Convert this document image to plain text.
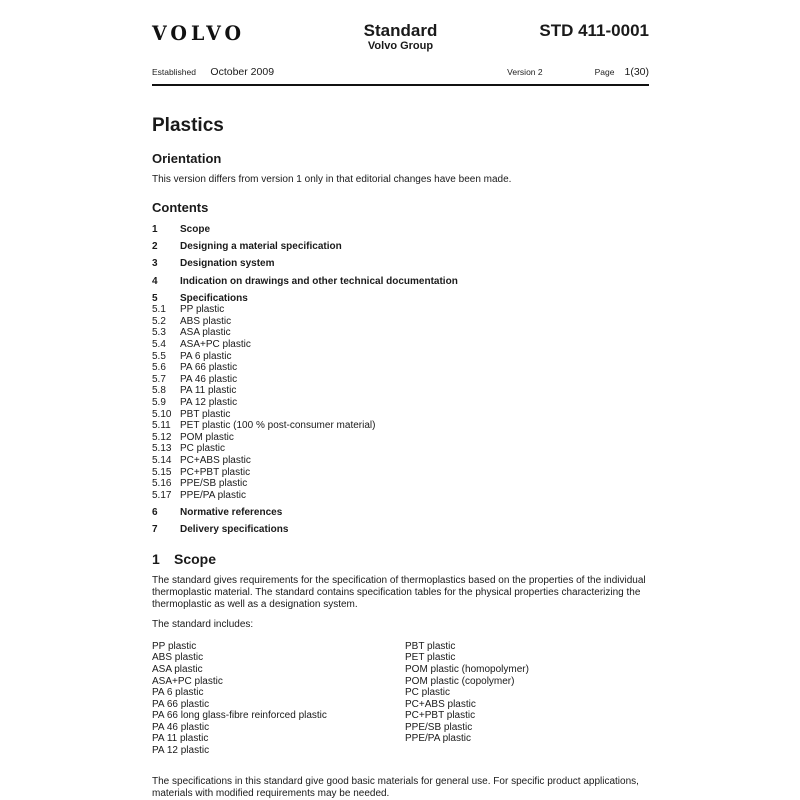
VOLVO	Standard
Volvo Group
STD 411-0001
Established October 2009	Version 2	Page 1(30)
Plastics
Orientation

This version differs from version 1 only in that editorial changes have been made.

Contents
1	Scope
2	Designing a material specification
3	Designation system
4	Indication on drawings and other technical documentation
5	Specifications
5.1	PP plastic
5.2	ABS plastic
5.3	ASA plastic
5.4	ASA+PC plastic
5.5	PA 6 plastic
5.6	PA 66 plastic
5.7	PA 46 plastic
5.8	PA 11 plastic
5.9	PA 12 plastic
5.10 PBT plastic
5.11 PET plastic (100 % post-consumer material)
5.12 POM plastic
5.13 PC plastic
5.14 PC+ABS plastic
5.15 PC+PBT plastic
5.16 PPE/SB plastic
5.17 PPE/PA plastic
6	Normative references
7	Delivery specifications
1	Scope

The standard gives requirements for the specification of thermoplastics based on the properties of the individual thermoplastic material. The standard contains specification tables for the physical properties characterizing the thermoplastic as well as a designation system.

The standard includes:

PP plastic
ABS plastic
ASA plastic
ASA+PC plastic
PA 6 plastic
PA 66 plastic
PA 66 long glass-fibre reinforced plastic
PA 46 plastic
PA 11 plastic
PA 12 plastic
PBT plastic
PET plastic
POM plastic (homopolymer)
POM plastic (copolymer)
PC plastic
PC+ABS plastic
PC+PBT plastic
PPE/SB plastic
PPE/PA plastic

The specifications in this standard give good basic materials for general use. For specific product applications, materials with modified requirements may be needed.
